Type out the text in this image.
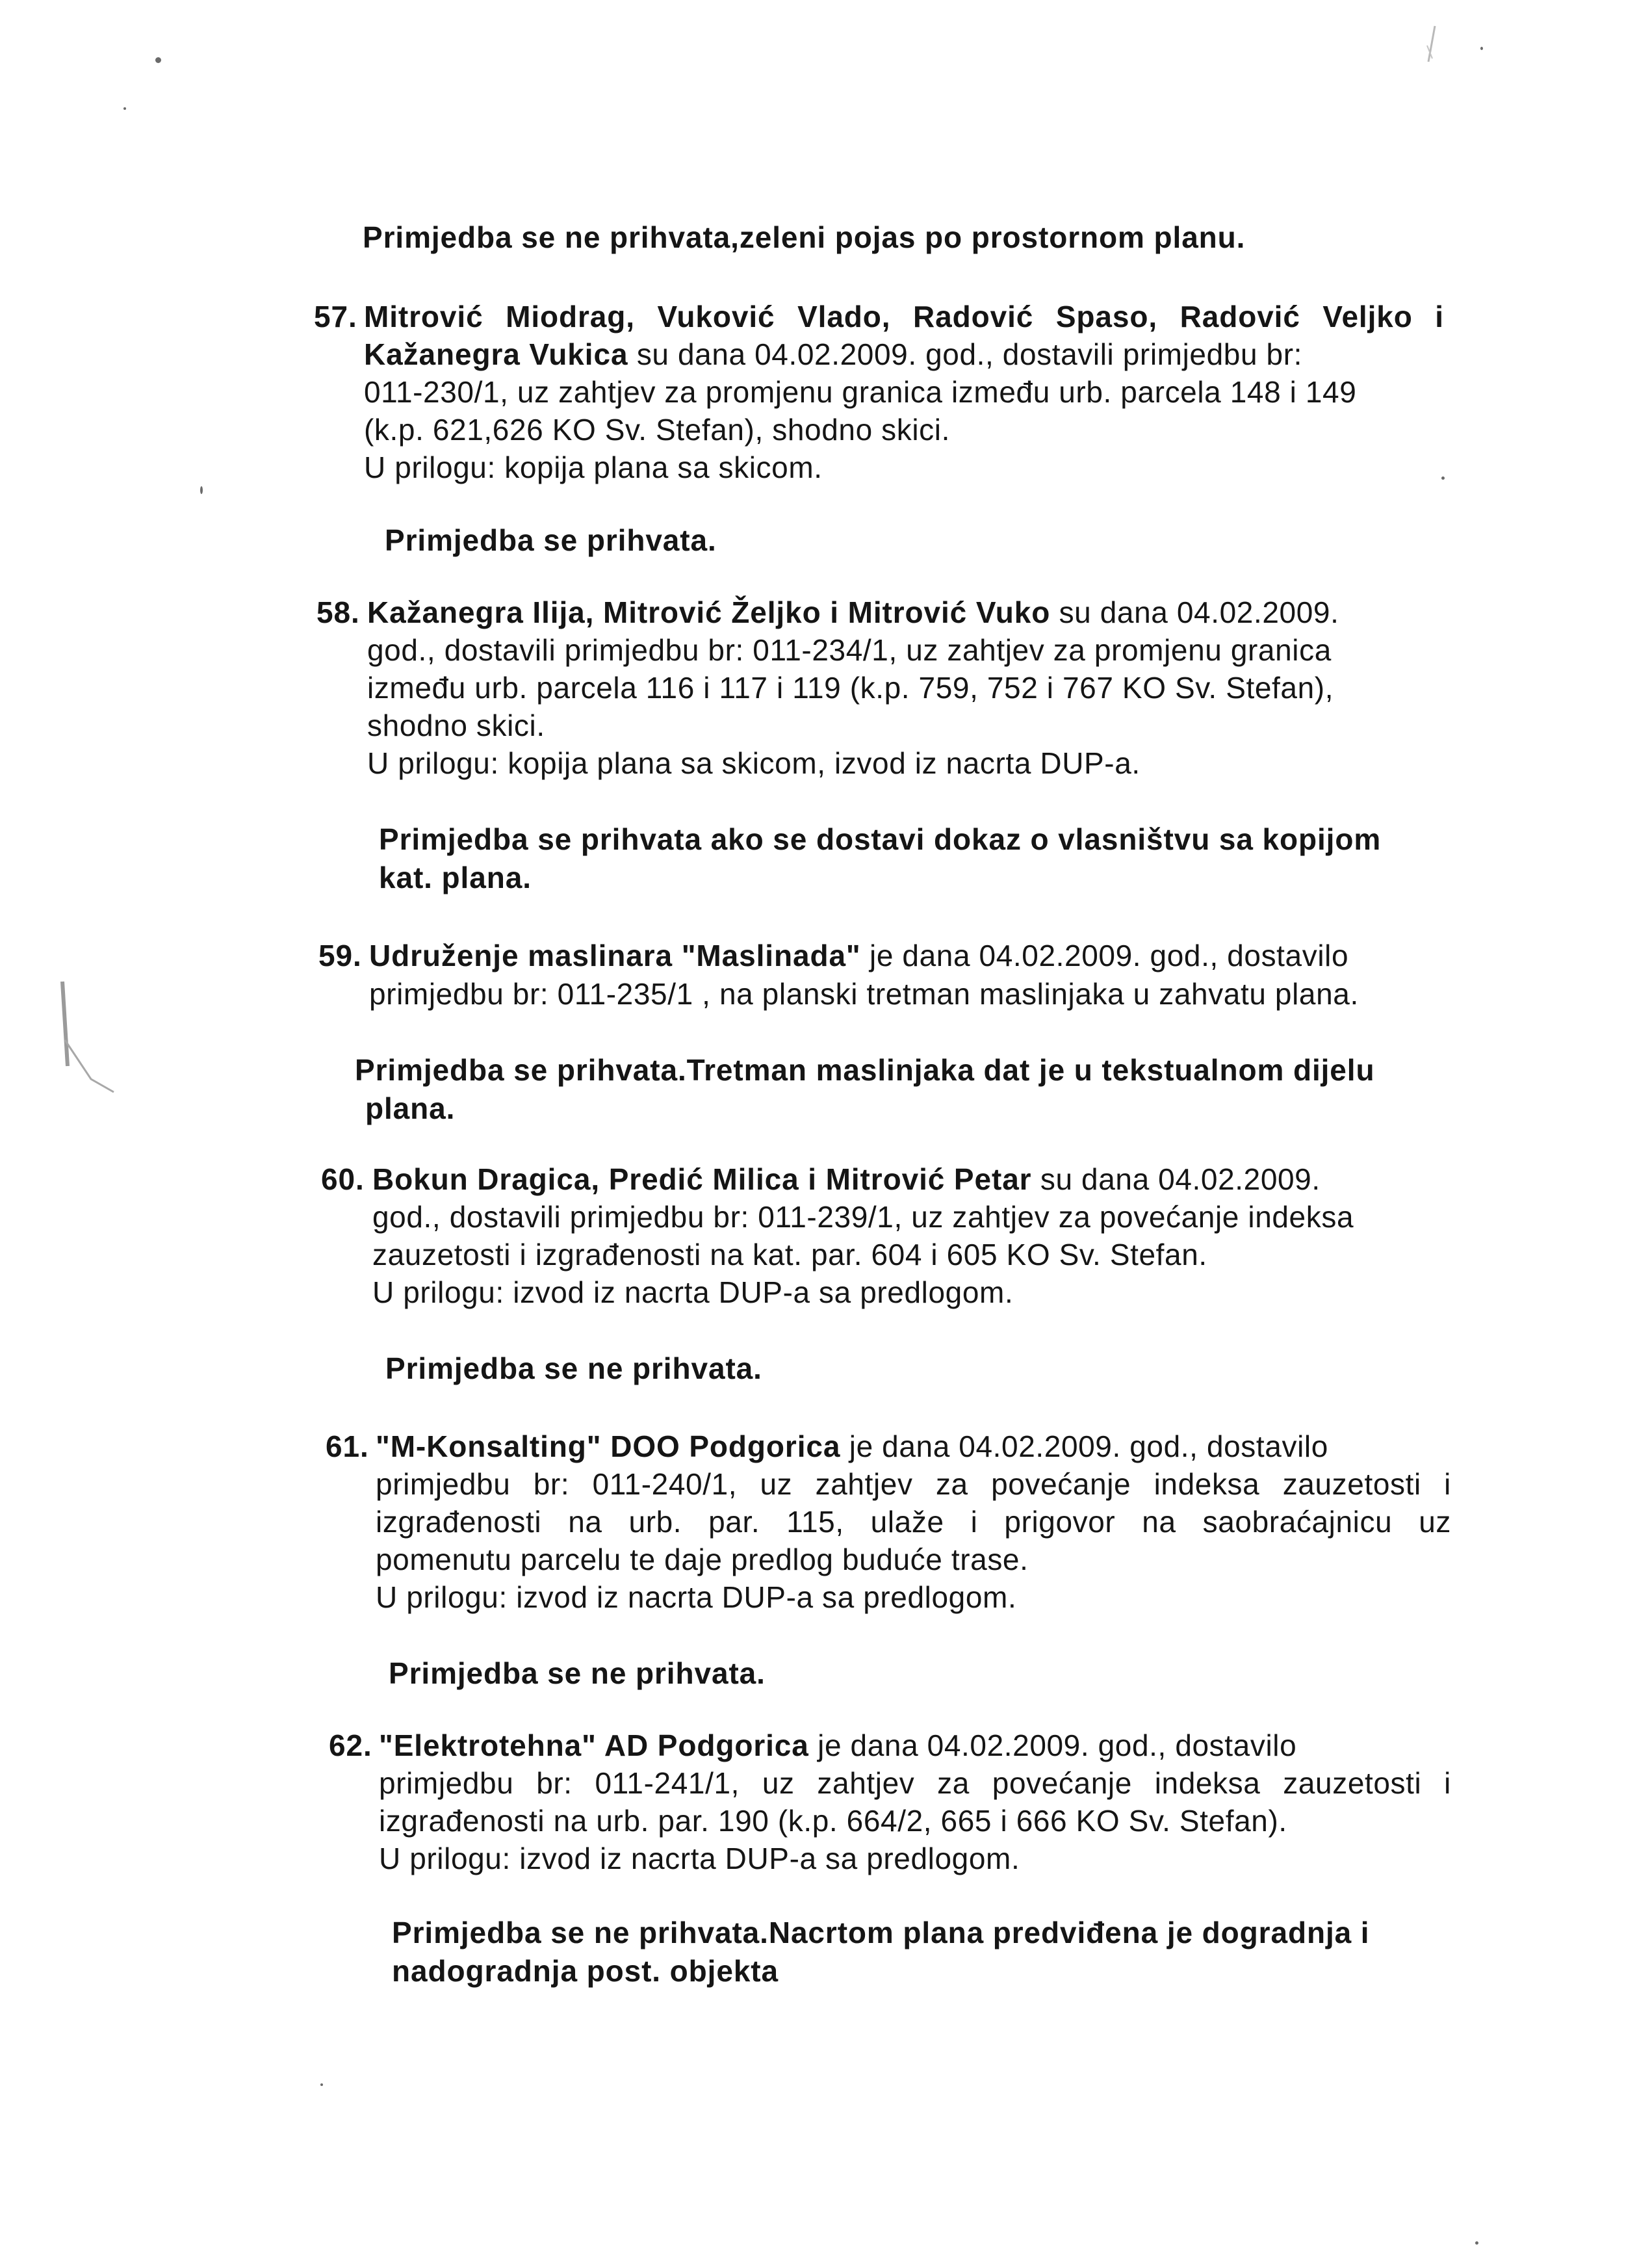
Primjedba se ne prihvata,zeleni pojas po prostornom planu.
57. Mitrović Miodrag, Vuković Vlado, Radović Spaso, Radović Veljko i
Kažanegra Vukica su dana 04.02.2009. god., dostavili primjedbu br:
011-230/1, uz zahtjev za promjenu granica između urb. parcela 148 i 149
(k.p. 621,626 KO Sv. Stefan), shodno skici.
U prilogu: kopija plana sa skicom.
Primjedba se prihvata.
58. Kažanegra Ilija, Mitrović Željko i Mitrović Vuko su dana 04.02.2009.
god., dostavili primjedbu br: 011-234/1, uz zahtjev za promjenu granica
između urb. parcela 116 i 117 i 119 (k.p. 759, 752 i 767 KO Sv. Stefan),
shodno skici.
U prilogu: kopija plana sa skicom, izvod iz nacrta DUP-a.
Primjedba se prihvata ako se dostavi dokaz o vlasništvu sa kopijom
kat. plana.
59. Udruženje maslinara "Maslinada" je dana 04.02.2009. god., dostavilo
primjedbu br: 011-235/1 , na planski tretman maslinjaka u zahvatu plana.
Primjedba se prihvata.Tretman maslinjaka dat je u tekstualnom dijelu
plana.
60. Bokun Dragica, Predić Milica i Mitrović Petar su dana 04.02.2009.
god., dostavili primjedbu br: 011-239/1, uz zahtjev za povećanje indeksa
zauzetosti i izgrađenosti na kat. par. 604 i 605 KO Sv. Stefan.
U prilogu: izvod iz nacrta DUP-a sa predlogom.
Primjedba se ne prihvata.
61. "M-Konsalting" DOO Podgorica je dana 04.02.2009. god., dostavilo
primjedbu br: 011-240/1, uz zahtjev za povećanje indeksa zauzetosti i
izgrađenosti na urb. par. 115, ulaže i prigovor na saobraćajnicu uz
pomenutu parcelu te daje predlog buduće trase.
U prilogu: izvod iz nacrta DUP-a sa predlogom.
Primjedba se ne prihvata.
62. "Elektrotehna" AD Podgorica je dana 04.02.2009. god., dostavilo
primjedbu br: 011-241/1, uz zahtjev za povećanje indeksa zauzetosti i
izgrađenosti na urb. par. 190 (k.p. 664/2, 665 i 666 KO Sv. Stefan).
U prilogu: izvod iz nacrta DUP-a sa predlogom.
Primjedba se ne prihvata.Nacrtom plana predviđena je dogradnja i
nadogradnja post. objekta
